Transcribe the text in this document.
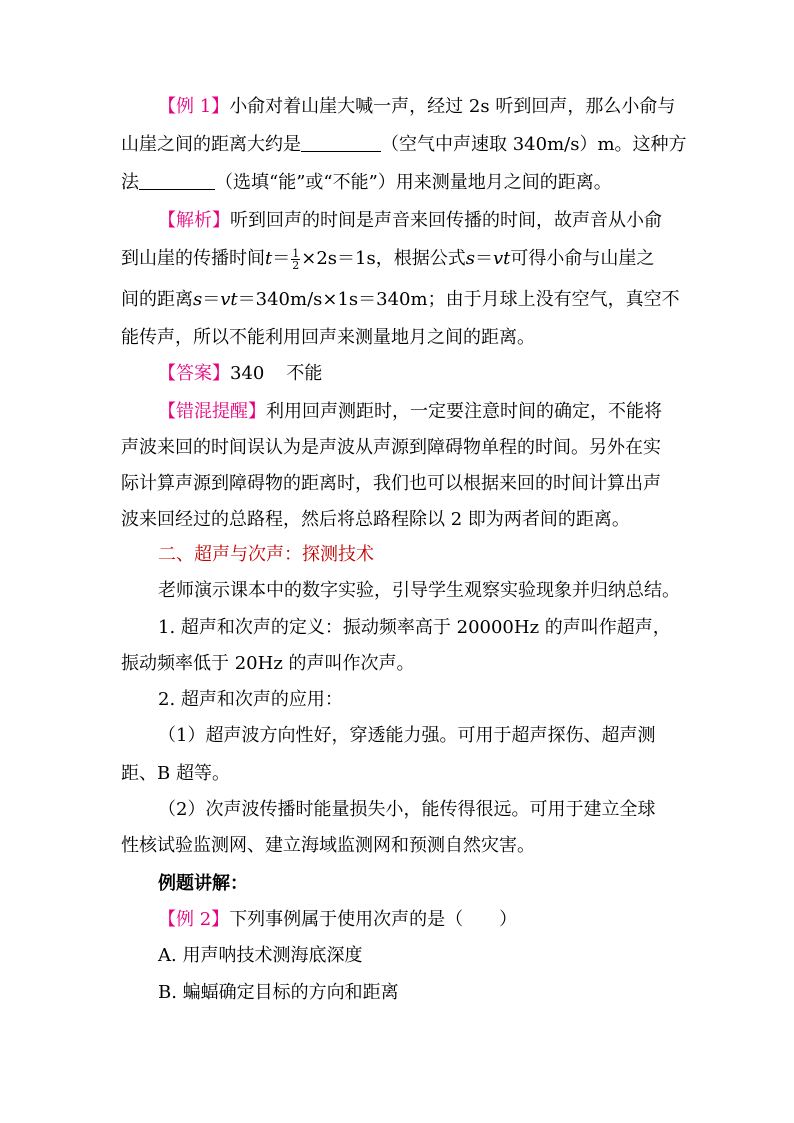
【例 1】小俞对着山崖大喊一声，经过 2s 听到回声，那么小俞与
山崖之间的距离大约是	（空气中声速取 340m/s）m。这种方
法	（选填“能”或“不能”）用来测量地月之间的距离。
【解析】听到回声的时间是声音来回传播的时间，故声音从小俞
到山崖的传播时间$t= \frac{1}{2} \times 2s=1s$，根据公式s＝vt可得小俞与山崖之
间的距离s＝vt＝340m/s×1s＝340m；由于月球上没有空气，真空不
能传声，所以不能利用回声来测量地月之间的距离。
【答案】340 不能
【错混提醒】利用回声测距时，一定要注意时间的确定，不能将
声波来回的时间误认为是声波从声源到障碍物单程的时间。另外在实
际计算声源到障碍物的距离时，我们也可以根据来回的时间计算出声
波来回经过的总路程，然后将总路程除以 2 即为两者间的距离。
二、超声与次声：探测技术
老师演示课本中的数字实验，引导学生观察实验现象并归纳总结。
1. 超声和次声的定义：振动频率高于 20000Hz 的声叫作超声，
振动频率低于 20Hz 的声叫作次声。
2. 超声和次声的应用：
（1）超声波方向性好，穿透能力强。可用于超声探伤、超声测
距、B 超等。
（2）次声波传播时能量损失小，能传得很远。可用于建立全球
性核试验监测网、建立海域监测网和预测自然灾害。
例题讲解：
【例 2】下列事例属于使用次声的是（　　）
A. 用声呐技术测海底深度
B. 蝙蝠确定目标的方向和距离
